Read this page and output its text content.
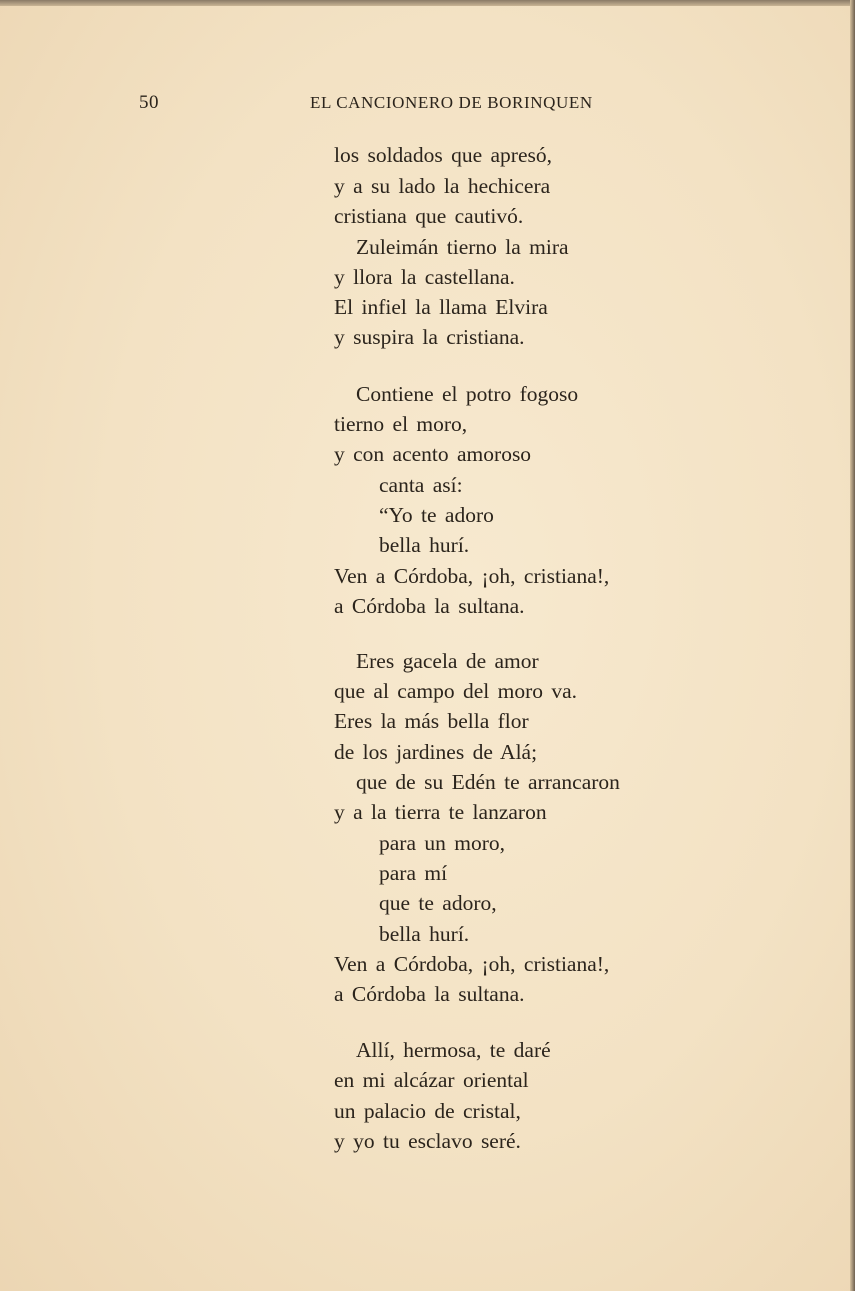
50	EL CANCIONERO DE BORINQUEN
los soldados que apresó,
y a su lado la hechicera
cristiana que cautivó.
Zuleimán tierno la mira
y llora la castellana.
El infiel la llama Elvira
y suspira la cristiana.
Contiene el potro fogoso
tierno el moro,
y con acento amoroso
canta así:
“Yo te adoro
bella hurí.
Ven a Córdoba, ¡oh, cristiana!,
a Córdoba la sultana.
Eres gacela de amor
que al campo del moro va.
Eres la más bella flor
de los jardines de Alá;
que de su Edén te arrancaron
y a la tierra te lanzaron
para un moro,
para mí
que te adoro,
bella hurí.
Ven a Córdoba, ¡oh, cristiana!,
a Córdoba la sultana.
Allí, hermosa, te daré
en mi alcázar oriental
un palacio de cristal,
y yo tu esclavo seré.
